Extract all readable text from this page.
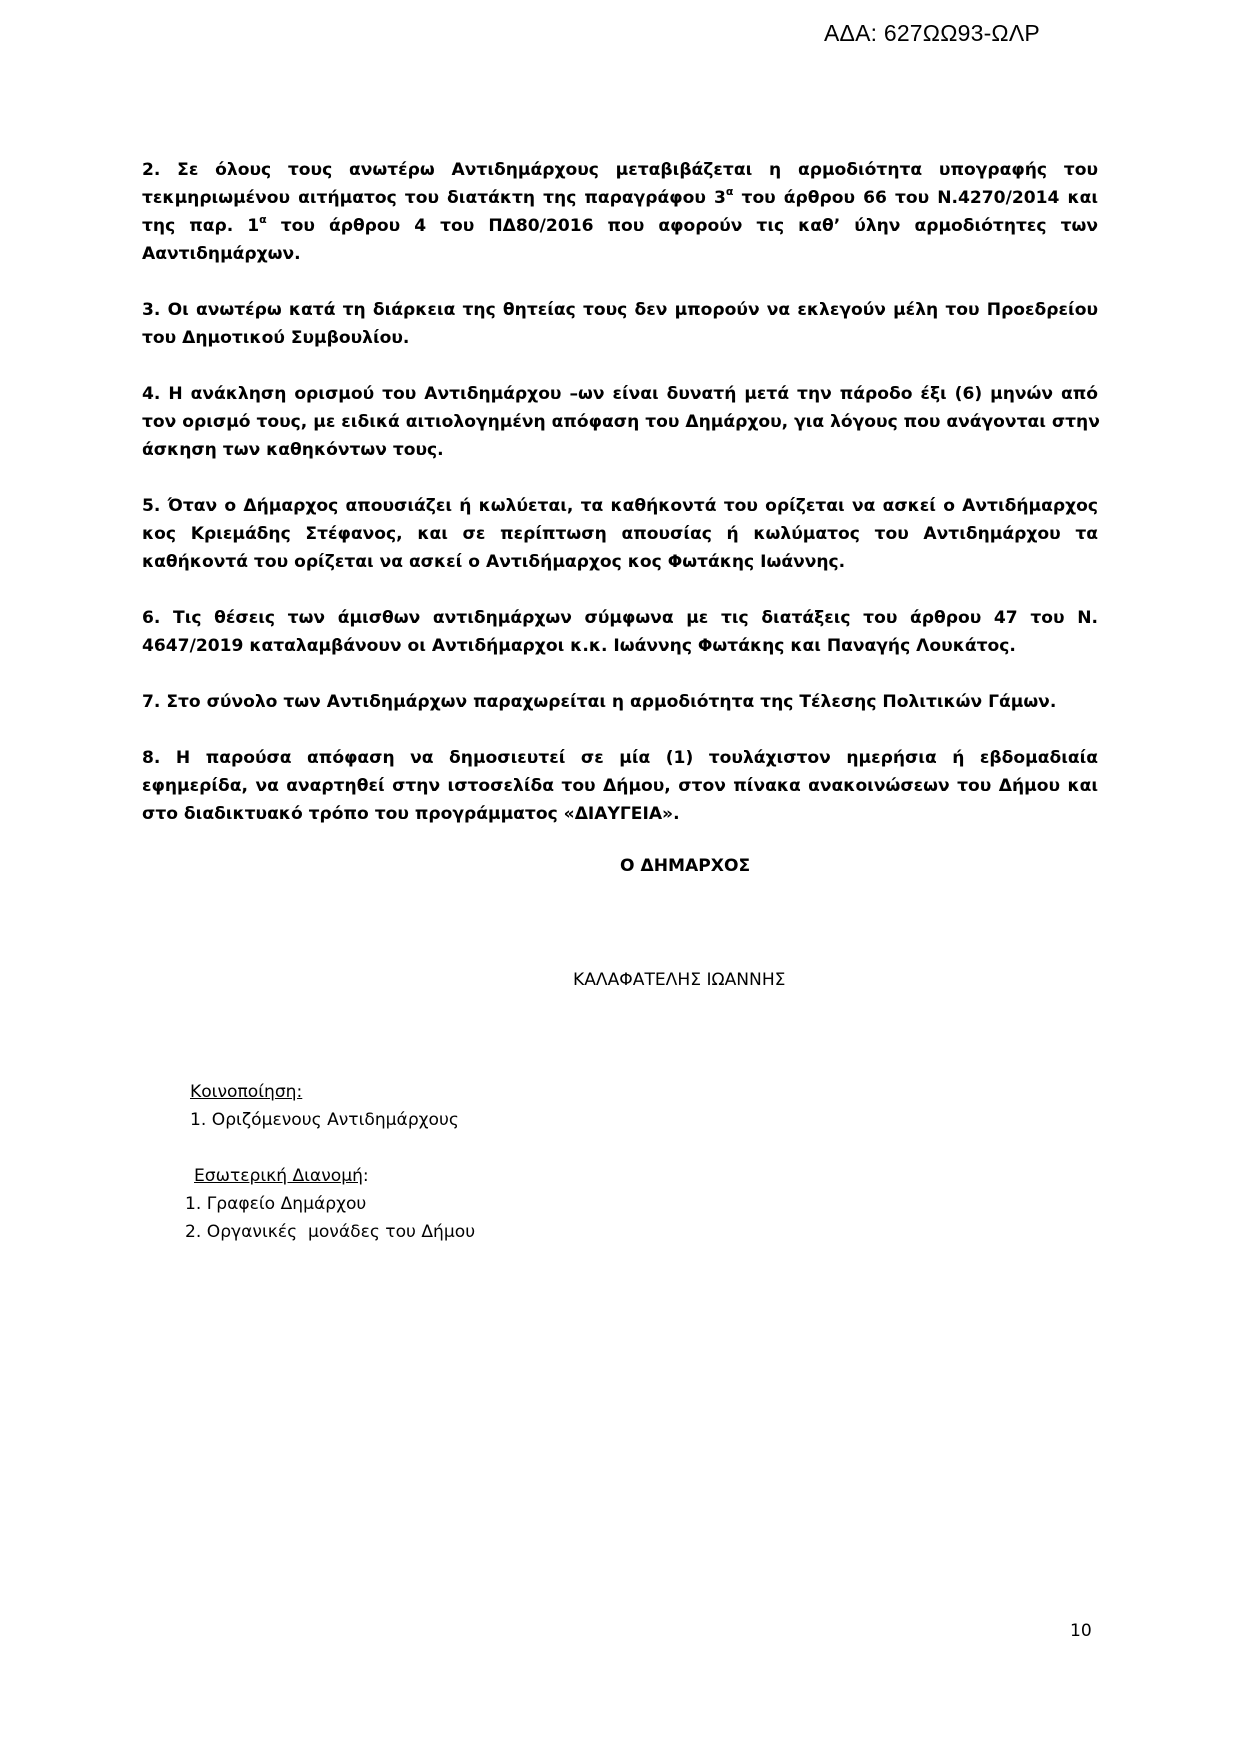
ΑΔΑ: 627ΩΩ93-ΩΛΡ
2. Σε όλους τους ανωτέρω Αντιδημάρχους μεταβιβάζεται η αρμοδιότητα υπογραφής του
τεκμηριωμένου αιτήματος του διατάκτη της παραγράφου $3^\alpha$ του άρθρου 66 του Ν.4270/2014 και
της παρ. $1^\alpha$ του άρθρου 4 του ΠΔ80/2016 που αφορούν τις καθ’ ύλην αρμοδιότητες των
Ααντιδημάρχων.
3. Οι ανωτέρω κατά τη διάρκεια της θητείας τους δεν μπορούν να εκλεγούν μέλη του Προεδρείου
του Δημοτικού Συμβουλίου.
4. Η ανάκληση ορισμού του Αντιδημάρχου –ων είναι δυνατή μετά την πάροδο έξι (6) μηνών από
τον ορισμό τους, με ειδικά αιτιολογημένη απόφαση του Δημάρχου, για λόγους που ανάγονται στην
άσκηση των καθηκόντων τους.
5. Όταν ο Δήμαρχος απουσιάζει ή κωλύεται, τα καθήκοντά του ορίζεται να ασκεί ο Αντιδήμαρχος
κος Κριεμάδης Στέφανος, και σε περίπτωση απουσίας ή κωλύματος του Αντιδημάρχου τα
καθήκοντά του ορίζεται να ασκεί ο Αντιδήμαρχος κος Φωτάκης Ιωάννης.
6. Τις θέσεις των άμισθων αντιδημάρχων σύμφωνα με τις διατάξεις του άρθρου 47 του Ν.
4647/2019 καταλαμβάνουν οι Αντιδήμαρχοι κ.κ. Ιωάννης Φωτάκης και Παναγής Λουκάτος.
7. Στο σύνολο των Αντιδημάρχων παραχωρείται η αρμοδιότητα της Τέλεσης Πολιτικών Γάμων.
8. Η παρούσα απόφαση να δημοσιευτεί σε μία (1) τουλάχιστον ημερήσια ή εβδομαδιαία
εφημερίδα, να αναρτηθεί στην ιστοσελίδα του Δήμου, στον πίνακα ανακοινώσεων του Δήμου και
στο διαδικτυακό τρόπο του προγράμματος «ΔΙΑΥΓΕΙΑ».
Ο ΔΗΜΑΡΧΟΣ
ΚΑΛΑΦΑΤΕΛΗΣ ΙΩΑΝΝΗΣ
Κοινοποίηση:
1. Οριζόμενους Αντιδημάρχους
Εσωτερική Διανομή:
1. Γραφείο Δημάρχου
2. Οργανικές  μονάδες του Δήμου
10
